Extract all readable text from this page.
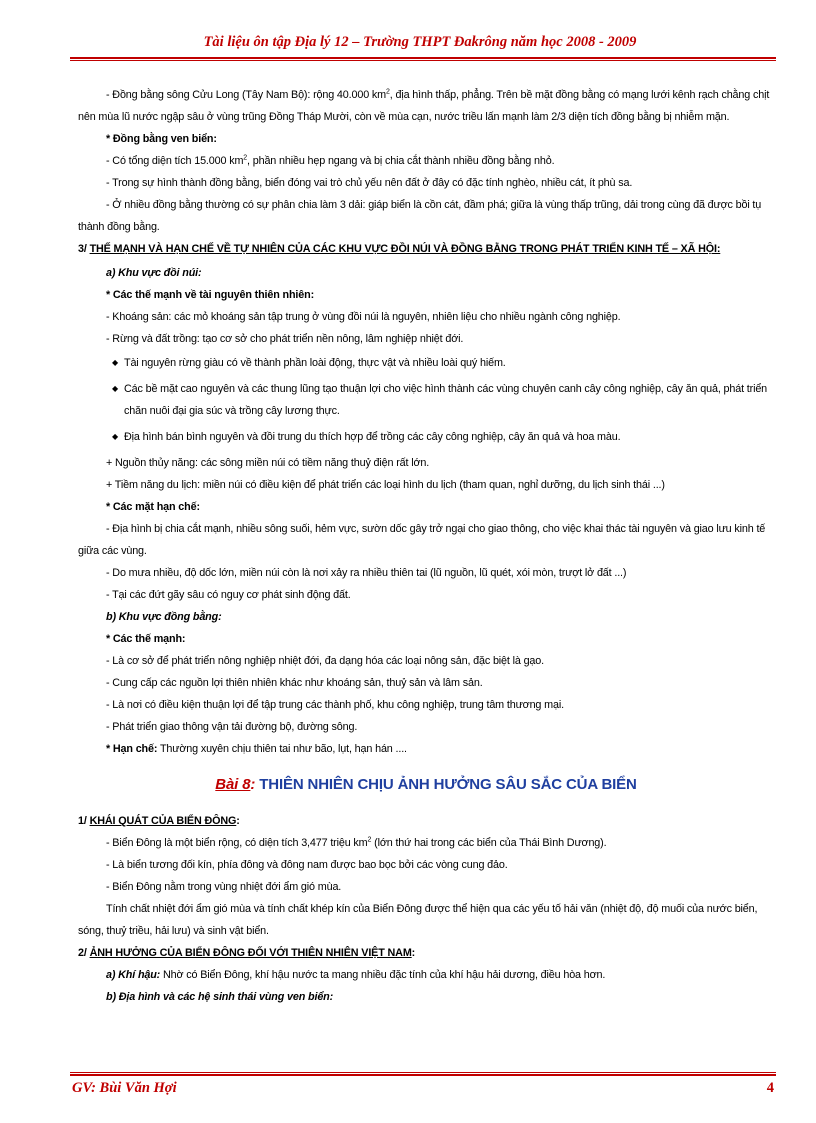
Tài liệu ôn tập Địa lý 12 – Trường THPT Đakrông năm học 2008 - 2009

- Đồng bằng sông Cửu Long (Tây Nam Bộ): rộng 40.000 $km^2$, địa hình thấp, phẳng. Trên bề mặt đồng bằng có mạng lưới kênh rạch chằng chịt nên mùa lũ nước ngập sâu ở vùng trũng Đồng Tháp Mười, còn về mùa cạn, nước triều lấn mạnh làm 2/3 diện tích đồng bằng bị nhiễm mặn.

* Đồng bằng ven biển:

- Có tổng diện tích 15.000 $km^2$, phần nhiều hẹp ngang và bị chia cắt thành nhiều đồng bằng nhỏ.

- Trong sự hình thành đồng bằng, biển đóng vai trò chủ yếu nên đất ở đây có đặc tính nghèo, nhiều cát, ít phù sa.

- Ở nhiều đồng bằng thường có sự phân chia làm 3 dải: giáp biển là cồn cát, đầm phá; giữa là vùng thấp trũng, dải trong cùng đã được bồi tụ thành đồng bằng.

3/ THẾ MẠNH VÀ HẠN CHẾ VỀ TỰ NHIÊN CỦA CÁC KHU VỰC ĐỒI NÚI VÀ ĐỒNG BẰNG TRONG PHÁT TRIỂN KINH TẾ – XÃ HỘI:

a) Khu vực đồi núi:

* Các thế mạnh về tài nguyên thiên nhiên:

- Khoáng sản: các mỏ khoáng sản tập trung ở vùng đồi núi là nguyên, nhiên liệu cho nhiều ngành công nghiệp.

- Rừng và đất trồng: tạo cơ sở cho phát triển nền nông, lâm nghiệp nhiệt đới.

◆ Tài nguyên rừng giàu có về thành phần loài động, thực vật và nhiều loài quý hiếm.

◆ Các bề mặt cao nguyên và các thung lũng tạo thuận lợi cho việc hình thành các vùng chuyên canh cây công nghiệp, cây ăn quả, phát triển chăn nuôi đại gia súc và trồng cây lương thực.

◆ Địa hình bán bình nguyên và đồi trung du thích hợp để trồng các cây công nghiệp, cây ăn quả và hoa màu.

+ Nguồn thủy năng: các sông miền núi có tiềm năng thuỷ điện rất lớn.

+ Tiềm năng du lịch: miền núi có điều kiện để phát triển các loại hình du lịch (tham quan, nghỉ dưỡng, du lịch sinh thái ...)

* Các mặt hạn chế:

- Địa hình bị chia cắt mạnh, nhiều sông suối, hẻm vực, sườn dốc gây trở ngại cho giao thông, cho việc khai thác tài nguyên và giao lưu kinh tế giữa các vùng.

- Do mưa nhiều, độ dốc lớn, miền núi còn là nơi xảy ra nhiều thiên tai (lũ nguồn, lũ quét, xói mòn, trượt lở đất ...)

- Tại các đứt gãy sâu có nguy cơ phát sinh động đất.

b) Khu vực đồng bằng:

* Các thế mạnh:

- Là cơ sở để phát triển nông nghiệp nhiệt đới, đa dạng hóa các loại nông sản, đặc biệt là gạo.

- Cung cấp các nguồn lợi thiên nhiên khác như khoáng sản, thuỷ sản và lâm sản.

- Là nơi có điều kiện thuận lợi để tập trung các thành phố, khu công nghiệp, trung tâm thương mại.

- Phát triển giao thông vận tải đường bộ, đường sông.

* Hạn chế: Thường xuyên chịu thiên tai như bão, lụt, hạn hán ....

Bài 8: THIÊN NHIÊN CHỊU ẢNH HƯỞNG SÂU SẮC CỦA BIỂN

1/ KHÁI QUÁT CỦA BIỂN ĐÔNG:

- Biển Đông là một biển rộng, có diện tích 3,477 triệu $km^2$ (lớn thứ hai trong các biển của Thái Bình Dương).

- Là biển tương đối kín, phía đông và đông nam được bao bọc bởi các vòng cung đảo.

- Biển Đông nằm trong vùng nhiệt đới ẩm gió mùa.

Tính chất nhiệt đới ẩm gió mùa và tính chất khép kín của Biển Đông được thể hiện qua các yếu tố hải văn (nhiệt độ, độ muối của nước biển, sóng, thuỷ triều, hải lưu) và sinh vật biển.

2/ ẢNH HƯỞNG CỦA BIỂN ĐÔNG ĐỐI VỚI THIÊN NHIÊN VIỆT NAM:

a) Khí hậu: Nhờ có Biển Đông, khí hậu nước ta mang nhiều đặc tính của khí hậu hải dương, điều hòa hơn.

b) Địa hình và các hệ sinh thái vùng ven biển:

GV: Bùi Văn Hợi	4
